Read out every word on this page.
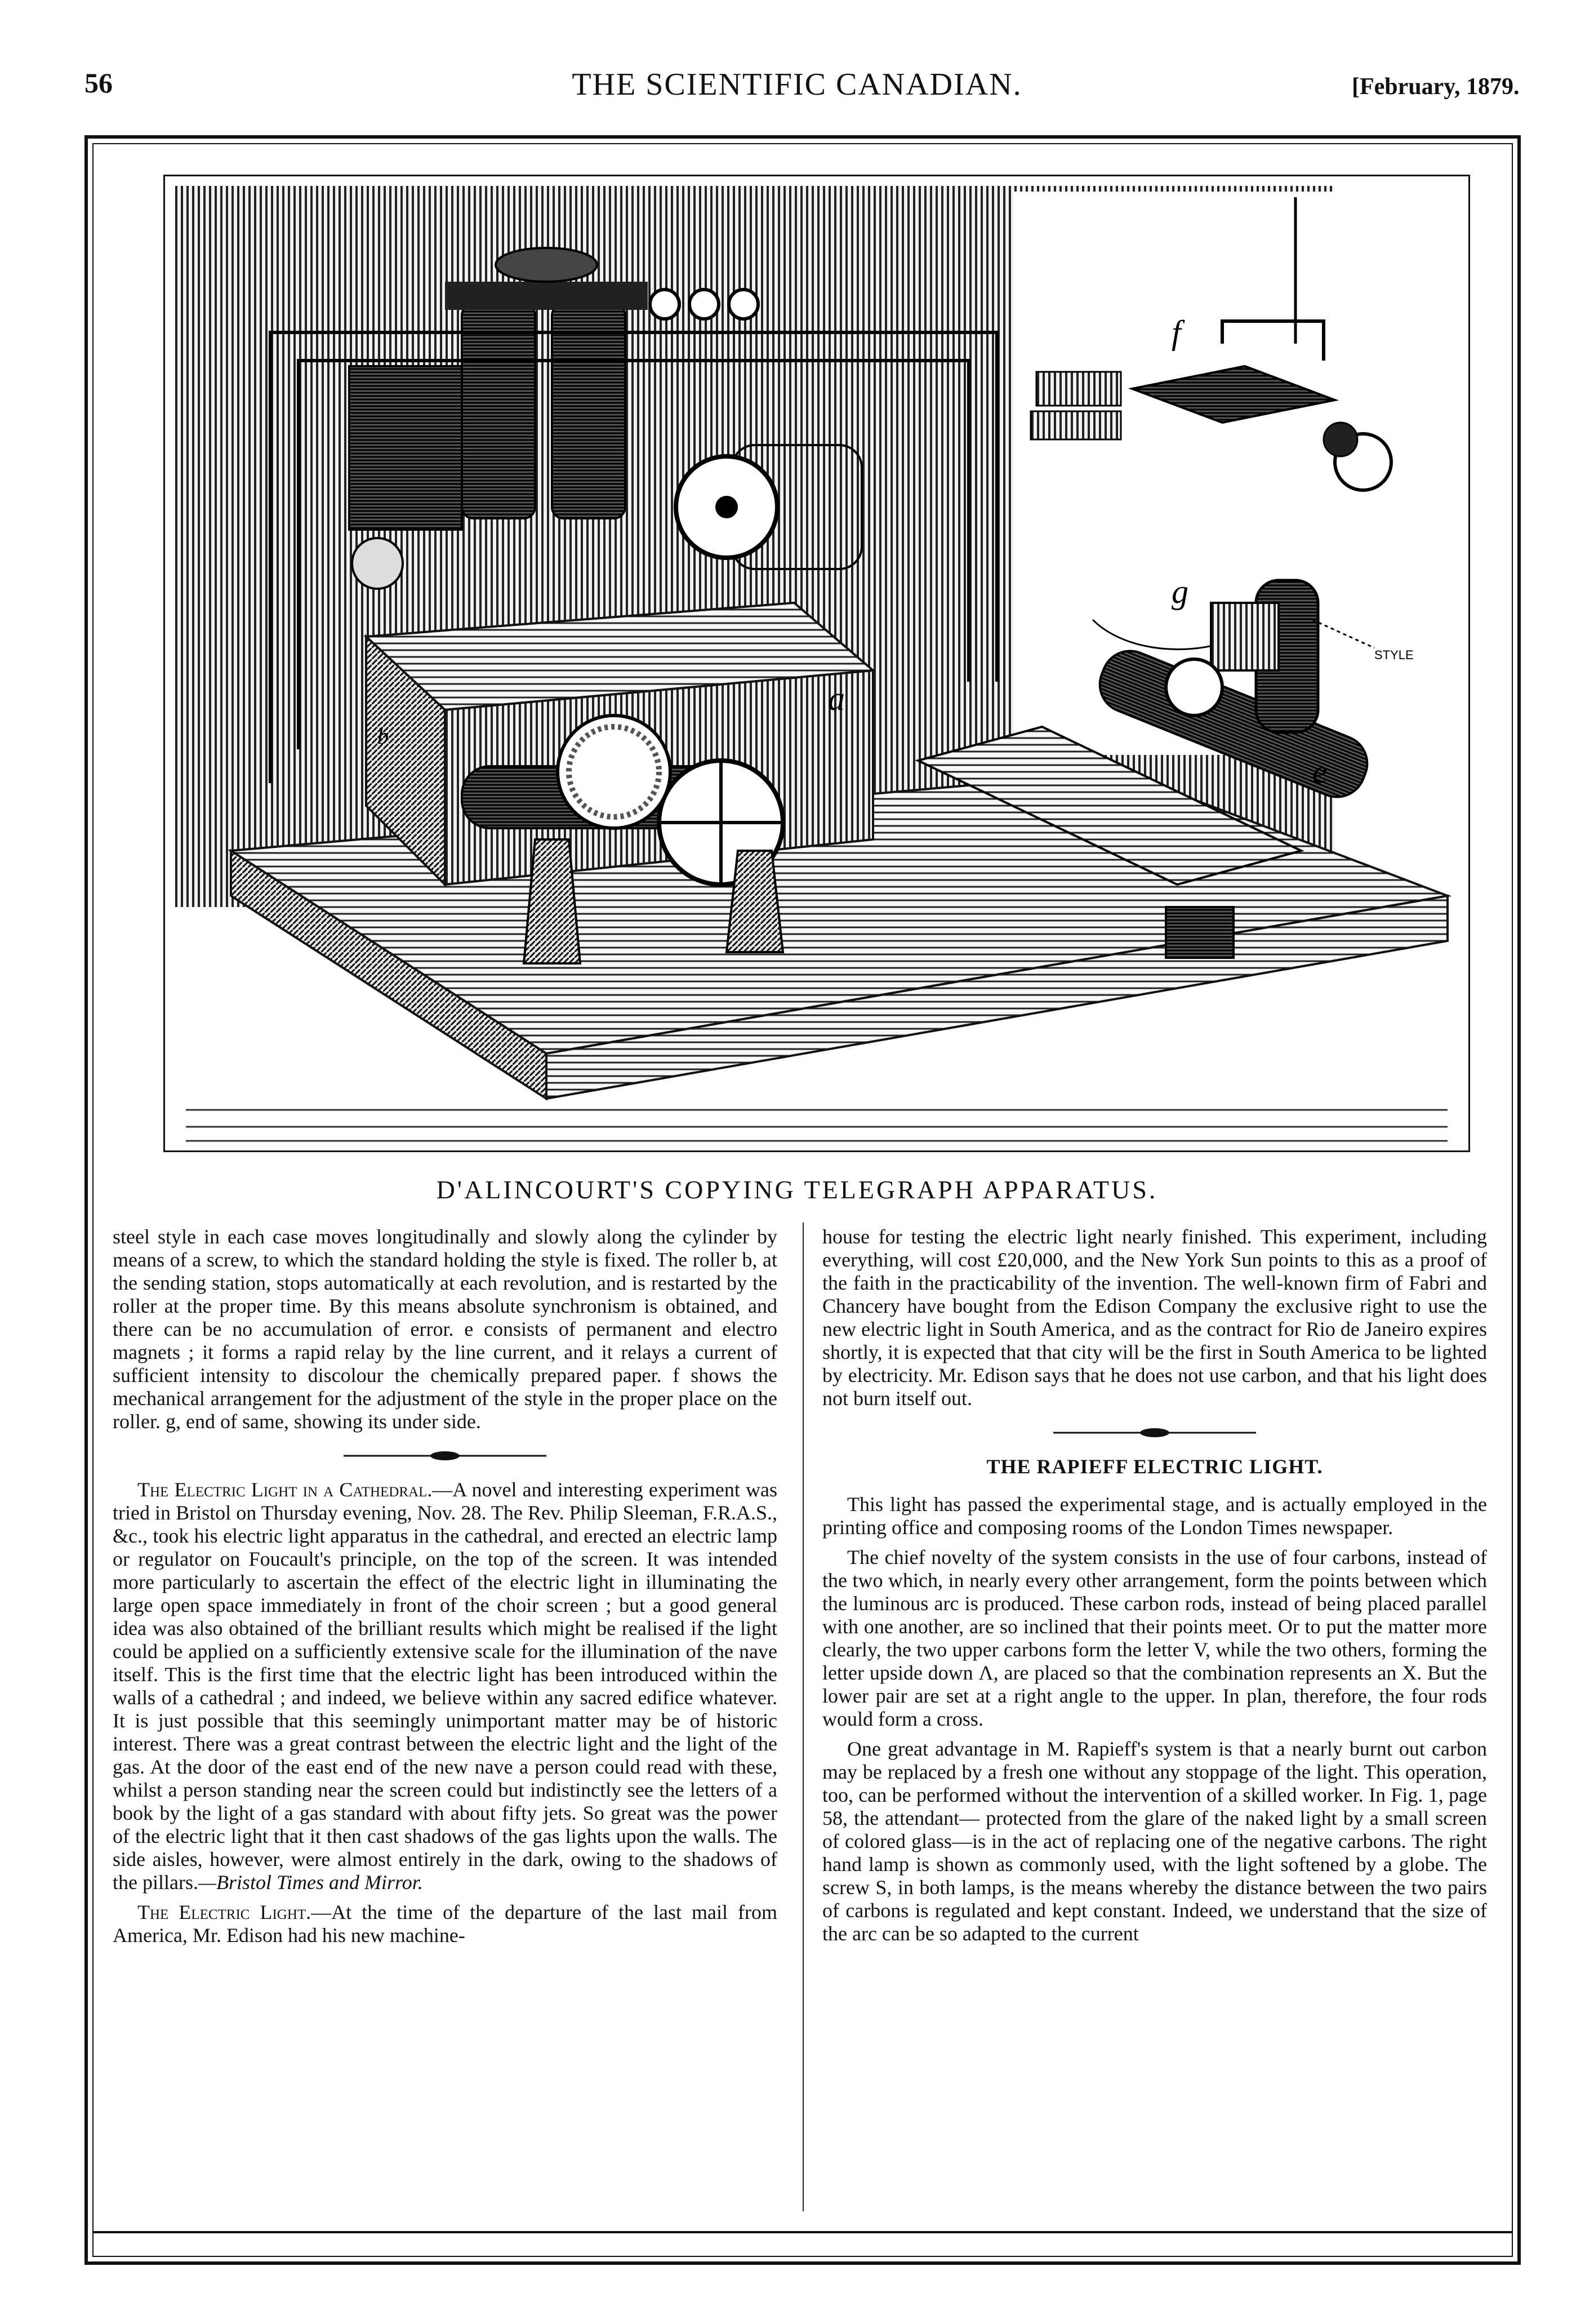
56	THE SCIENTIFIC CANADIAN.	[February, 1879.
a
b
e
f
g
STYLE
D'ALINCOURT'S COPYING TELEGRAPH APPARATUS.

steel style in each case moves longitudinally and slowly along the cylinder by means of a screw, to which the standard holding the style is fixed. The roller b, at the sending station, stops automatically at each revolution, and is restarted by the roller at the proper time. By this means absolute synchronism is obtained, and there can be no accumulation of error. e consists of permanent and electro magnets ; it forms a rapid relay by the line current, and it relays a current of sufficient intensity to discolour the chemically prepared paper. f shows the mechanical arrangement for the adjustment of the style in the proper place on the roller. g, end of same, showing its under side.

The Electric Light in a Cathedral.—A novel and interesting experiment was tried in Bristol on Thursday evening, Nov. 28. The Rev. Philip Sleeman, F.R.A.S., &c., took his electric light apparatus in the cathedral, and erected an electric lamp or regulator on Foucault's principle, on the top of the screen. It was intended more particularly to ascertain the effect of the electric light in illuminating the large open space immediately in front of the choir screen ; but a good general idea was also obtained of the brilliant results which might be realised if the light could be applied on a sufficiently extensive scale for the illumination of the nave itself. This is the first time that the electric light has been introduced within the walls of a cathedral ; and indeed, we believe within any sacred edifice whatever. It is just possible that this seemingly unimportant matter may be of historic interest. There was a great contrast between the electric light and the light of the gas. At the door of the east end of the new nave a person could read with these, whilst a person standing near the screen could but indistinctly see the letters of a book by the light of a gas standard with about fifty jets. So great was the power of the electric light that it then cast shadows of the gas lights upon the walls. The side aisles, however, were almost entirely in the dark, owing to the shadows of the pillars.—Bristol Times and Mirror.

The Electric Light.—At the time of the departure of the last mail from America, Mr. Edison had his new machine-

house for testing the electric light nearly finished. This experiment, including everything, will cost £20,000, and the New York Sun points to this as a proof of the faith in the practicability of the invention. The well-known firm of Fabri and Chancery have bought from the Edison Company the exclusive right to use the new electric light in South America, and as the contract for Rio de Janeiro expires shortly, it is expected that that city will be the first in South America to be lighted by electricity. Mr. Edison says that he does not use carbon, and that his light does not burn itself out.

THE RAPIEFF ELECTRIC LIGHT.

This light has passed the experimental stage, and is actually employed in the printing office and composing rooms of the London Times newspaper.

The chief novelty of the system consists in the use of four carbons, instead of the two which, in nearly every other arrangement, form the points between which the luminous arc is produced. These carbon rods, instead of being placed parallel with one another, are so inclined that their points meet. Or to put the matter more clearly, the two upper carbons form the letter V, while the two others, forming the letter upside down Λ, are placed so that the combination represents an X. But the lower pair are set at a right angle to the upper. In plan, therefore, the four rods would form a cross.

One great advantage in M. Rapieff's system is that a nearly burnt out carbon may be replaced by a fresh one without any stoppage of the light. This operation, too, can be performed without the intervention of a skilled worker. In Fig. 1, page 58, the attendant— protected from the glare of the naked light by a small screen of colored glass—is in the act of replacing one of the negative carbons. The right hand lamp is shown as commonly used, with the light softened by a globe. The screw S, in both lamps, is the means whereby the distance between the two pairs of carbons is regulated and kept constant. Indeed, we understand that the size of the arc can be so adapted to the current
